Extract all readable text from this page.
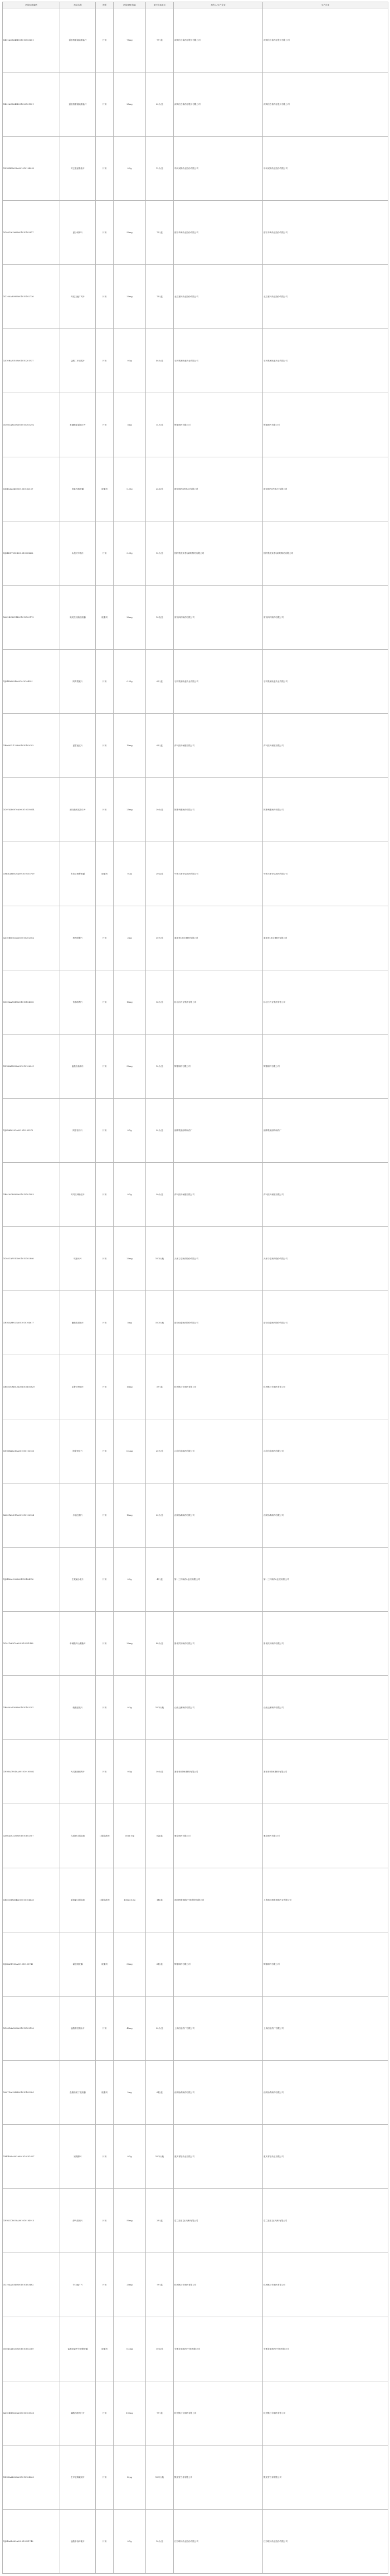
药品标准编码	药品名称	剂型	药品规格/包装	最小包装单位	持有人/生产企业	生产企业
XB01ACA048E001010105481	氯吡格雷氢硫酸盐片	片剂	75mg	7片/盒	深圳信立泰药业股份有限公司	深圳信立泰药业股份有限公司
XB01ACA048E001020101521	氯吡格雷氢硫酸盐片	片剂	25mg	20片/盒	深圳信立泰药业股份有限公司	深圳信立泰药业股份有限公司
XN02BEA038A001010104432	对乙酰氨基酚片	片剂	0.5g	12片/盒	华润双鹤药业股份有限公司	华润双鹤药业股份有限公司
XC09CAL066A001010103817	氯沙坦钾片	片剂	50mg	7片/盒	浙江华海药业股份有限公司	浙江华海药业股份有限公司
XC10AAA095A001010102736	阿托伐他汀钙片	片剂	20mg	7片/盒	北京嘉林药业股份有限公司	北京嘉林药业股份有限公司
XA10BAE010A001010201937	盐酸二甲双胍片	片剂	0.5g	48片/盒	石药集团欧意药业有限公司	石药集团欧意药业有限公司
XC08CAA028A001010303294	苯磺酸氨氯地平片	片剂	5mg	14片/盒	辉瑞制药有限公司	辉瑞制药有限公司
XJ01CAA040E001010102117	阿莫西林胶囊	胶囊剂	0.25g	24粒/盒	联邦制药(内蒙古)有限公司	联邦制药(内蒙古)有限公司
XJ01DCT015B001010103402	头孢呋辛酯片	片剂	0.25g	12片/盒	国药集团致君(深圳)制药有限公司	国药集团致君(深圳)制药有限公司
XA02BCA211E001010109173	奥美拉唑肠溶胶囊	胶囊剂	20mg	14粒/盒	常州四药制药有限公司	常州四药制药有限公司
XJ01FAA054A001010104281	阿奇霉素片	片剂	0.25g	6片/盒	石药集团欧意药业有限公司	石药集团欧意药业有限公司
XR06AXL122A001010102093	氯雷他定片	片剂	10mg	6片/盒	拜耳医药保健有限公司	拜耳医药保健有限公司
XC07ABM070A001010105614	酒石酸美托洛尔片	片剂	25mg	20片/盒	阿斯利康制药有限公司	阿斯利康制药有限公司
XM01AEB020A001010103729	布洛芬缓释胶囊	胶囊剂	0.3g	20粒/盒	中美天津史克制药有限公司	中美天津史克制药有限公司
XA10BBG022A001010202184	格列美脲片	片剂	2mg	30片/盒	赛诺菲(北京)制药有限公司	赛诺菲(北京)制药有限公司
XC09AAE047A001010104358	依那普利片	片剂	10mg	16片/盒	扬子江药业集团有限公司	扬子江药业集团有限公司
XN06ABS022A001010106241	盐酸舍曲林片	片剂	50mg	14片/盒	辉瑞制药有限公司	辉瑞制药有限公司
XJ05ABA201A001010103572	阿昔洛韦片	片剂	0.1g	24片/盒	丽珠集团丽珠制药厂	丽珠集团丽珠制药厂
XB01ACA056A001010101983	阿司匹林肠溶片	片剂	0.1g	30片/盒	拜耳医药保健有限公司	拜耳医药保健有限公司
XC03CAF010A001010102846	呋塞米片	片剂	20mg	100片/瓶	天津力生制药股份有限公司	天津力生制药股份有限公司
XH02ABP023A001010104617	醋酸泼尼松片	片剂	5mg	100片/瓶	浙江仙琚制药股份有限公司	浙江仙琚制药股份有限公司
XR03DCM040A001010105329	孟鲁司特钠片	片剂	10mg	5片/盒	杭州默沙东制药有限公司	杭州默沙东制药有限公司
XN05BAA213A001010103185	阿普唑仑片	片剂	0.4mg	20片/盒	山东信谊制药有限公司	山东信谊制药有限公司
XA03FAM017A001010102954	多潘立酮片	片剂	10mg	30片/盒	西安杨森制药有限公司	西安杨森制药有限公司
XJ01MAL036A001010104076	左氧氟沙星片	片剂	0.5g	4片/盒	第一三共制药(北京)有限公司	第一三共制药(北京)有限公司
XC01DAI070A001010101438	单硝酸异山梨酯片	片剂	20mg	48片/盒	鲁南贝特制药有限公司	鲁南贝特制药有限公司
XB03AAF003A001010103291	硫酸亚铁片	片剂	0.3g	100片/瓶	山西云鹏制药有限公司	山西云鹏制药有限公司
XN03AGV040A001010105862	丙戊酸钠缓释片	片剂	0.5g	30片/盒	赛诺菲(杭州)制药有限公司	赛诺菲(杭州)制药有限公司
XA06ADL026A001010102517	乳果糖口服溶液	口服溶液剂	15ml:10g	6袋/盒	雅培制药有限公司	雅培制药有限公司
XR05CBA064A001010104628	氨溴索口服溶液	口服溶液剂	100ml:0.6g	1瓶/盒	勃林格殷格翰(中国)投资有限公司	上海勃林格殷格翰药业有限公司
XJ02ACF030A001010103745	氟康唑胶囊	胶囊剂	50mg	6粒/盒	辉瑞制药有限公司	辉瑞制药有限公司
XC08DAV006A001010102196	盐酸维拉帕米片	片剂	40mg	30片/盒	上海信谊药厂有限公司	上海信谊药厂有限公司
XA07DAL043E001010105284	盐酸洛哌丁胺胶囊	胶囊剂	2mg	6粒/盒	西安杨森制药有限公司	西安杨森制药有限公司
XM04AAA003A001010101627	别嘌醇片	片剂	0.1g	100片/瓶	重庆青阳药业有限公司	重庆青阳药业有限公司
XN02CCS030A001010104915	舒马普坦片	片剂	50mg	2片/盒	葛兰素史克(天津)有限公司	葛兰素史克(天津)有限公司
XC10AAS040A001010103482	辛伐他汀片	片剂	20mg	7片/盒	杭州默沙东制药有限公司	杭州默沙东制药有限公司
XG04CAT020A001010102369	盐酸坦索罗辛缓释胶囊	胶囊剂	0.2mg	10粒/盒	安斯泰来制药(中国)有限公司	安斯泰来制药(中国)有限公司
XA10BHS020A001010105138	磷酸西格列汀片	片剂	100mg	7片/盒	杭州默沙东制药有限公司	杭州默沙东制药有限公司
XH03AAL026A001010104263	左甲状腺素钠片	片剂	50μg	100片/瓶	默克雪兰诺有限公司	默克雪兰诺有限公司
XJ01AAD082A001010101746	盐酸多西环素片	片剂	0.1g	10片/盒	江苏联环药业股份有限公司	江苏联环药业股份有限公司
